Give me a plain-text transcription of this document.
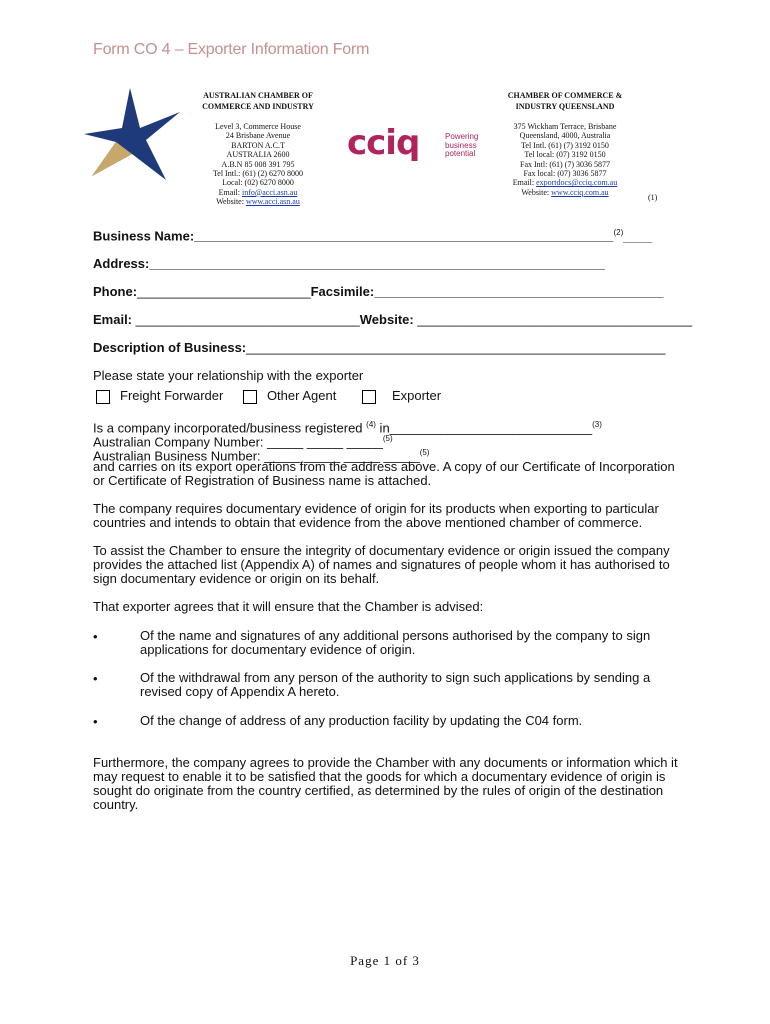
Form CO 4 – Exporter Information Form
AUSTRALIAN CHAMBER OF
COMMERCE AND INDUSTRY
Level 3, Commerce House
24 Brisbane Avenue
BARTON A.C.T
AUSTRALIA 2600
A.B.N 85 008 391 795
Tel Intl.: (61) (2) 6270 8000
Local: (02) 6270 8000
Email: info@acci.asn.au
Website: www.acci.asn.au
cciq	Powering
business
potential
CHAMBER OF COMMERCE &
INDUSTRY QUEENSLAND
375 Wickham Terrace, Brisbane
Queensland, 4000, Australia
Tel Intl. (61) (7) 3192 0150
Tel local: (07) 3192 0150
Fax Intl: (61) (7) 3036 5877
Fax local: (07) 3036 5877
Email: exportdocs@cciq.com.au
Website: www.cciq.com.au
(1)
Business Name:__________________________________________________________$^{(2)}$____
Address:_______________________________________________________________
Phone:________________________Facsimile:________________________________________
Email: _______________________________Website: ______________________________________
Description of Business:__________________________________________________________
Please state your relationship with the exporter
Freight Forwarder	Other Agent	Exporter
Is a company incorporated/business registered $^{(4)}$ in____________________________$^{(3)}$
Australian Company Number: _____ _____ _____$^{(5)}$
Australian Business Number: _____ _____ _____ _____$^{(5)}$
and carries on its export operations from the address above. A copy of our Certificate of Incorporation or Certificate of Registration of Business name is attached.
The company requires documentary evidence of origin for its products when exporting to particular countries and intends to obtain that evidence from the above mentioned chamber of commerce.
To assist the Chamber to ensure the integrity of documentary evidence or origin issued the company provides the attached list (Appendix A) of names and signatures of people whom it has authorised to sign documentary evidence or origin on its behalf.
That exporter agrees that it will ensure that the Chamber is advised:
•	Of the name and signatures of any additional persons authorised by the company to sign applications for documentary evidence of origin.
•	Of the withdrawal from any person of the authority to sign such applications by sending a revised copy of Appendix A hereto.
•	Of the change of address of any production facility by updating the C04 form.
Furthermore, the company agrees to provide the Chamber with any documents or information which it may request to enable it to be satisfied that the goods for which a documentary evidence of origin is sought do originate from the country certified, as determined by the rules of origin of the destination country.
Page 1 of 3
